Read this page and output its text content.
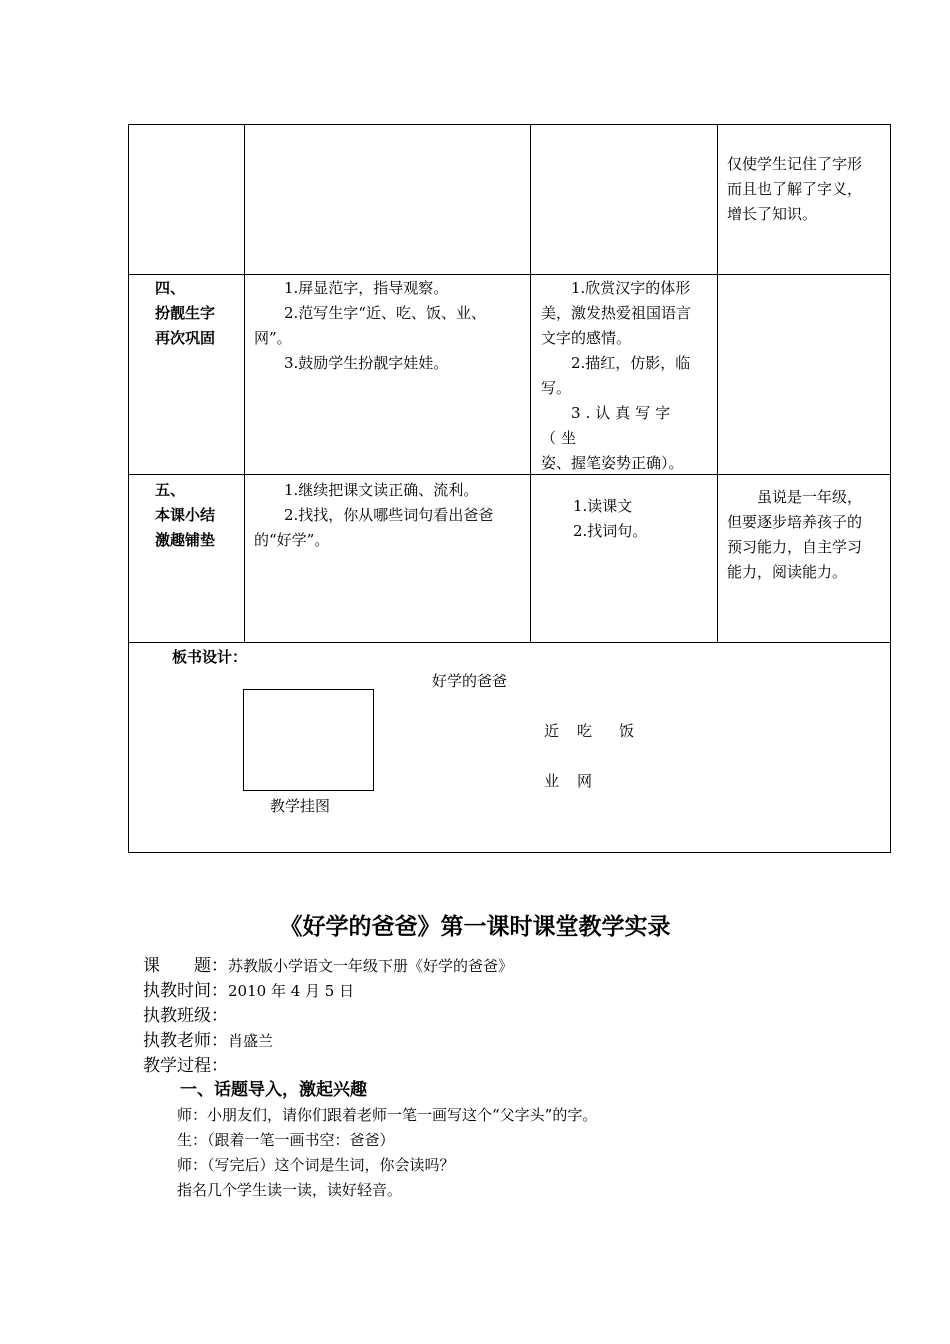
仅使学生记住了字形

而且也了解了字义，

增长了知识。

四、

扮靓生字

再次巩固

1.屏显范字，指导观察。

2.范写生字“近、吃、饭、业、

网”。

3.鼓励学生扮靓字娃娃。

1.欣赏汉字的体形

美，激发热爱祖国语言

文字的感情。

2.描红，仿影，临

写。

3.认真写字（坐

姿、握笔姿势正确）。

五、

本课小结

激趣铺垫

1.继续把课文读正确、流利。

2.找找，你从哪些词句看出爸爸

的“好学”。

1.读课文

2.找词句。

虽说是一年级，

但要逐步培养孩子的

预习能力，自主学习

能力，阅读能力。

板书设计：
好学的爸爸
教学挂图
近 吃 饭
业 网
《好学的爸爸》第一课时课堂教学实录
课　　题：苏教版小学语文一年级下册《好学的爸爸》
执教时间：2010 年 4 月 5 日
执教班级：
执教老师：肖盛兰
教学过程：
一、话题导入，激起兴趣
师：小朋友们，请你们跟着老师一笔一画写这个“父字头”的字。
生：（跟着一笔一画书空：爸爸）
师：（写完后）这个词是生词，你会读吗？
指名几个学生读一读，读好轻音。
